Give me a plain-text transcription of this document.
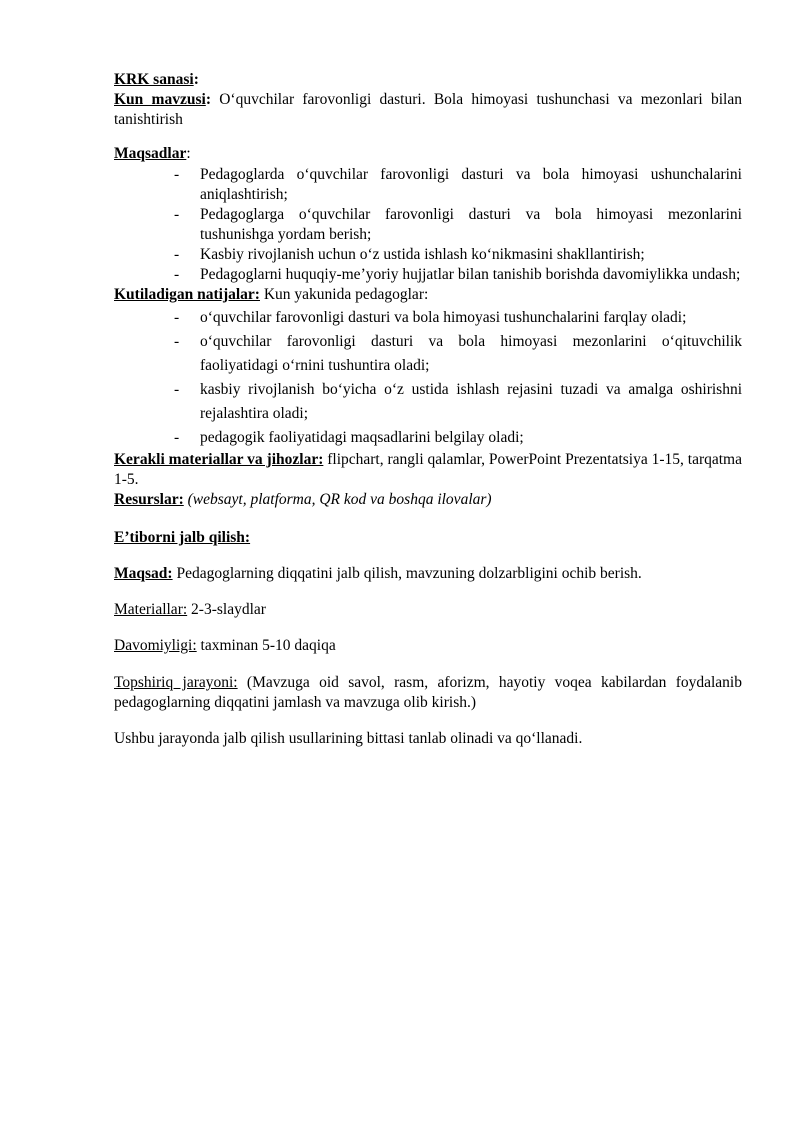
KRK sanasi:

Kun mavzusi: O‘quvchilar farovonligi dasturi. Bola himoyasi tushunchasi va mezonlari bilan tanishtirish

Maqsadlar:

- Pedagoglarda o‘quvchilar farovonligi dasturi va bola himoyasi ushunchalarini aniqlashtirish;
- Pedagoglarga o‘quvchilar farovonligi dasturi va bola himoyasi mezonlarini tushunishga yordam berish;
- Kasbiy rivojlanish uchun o‘z ustida ishlash ko‘nikmasini shakllantirish;
- Pedagoglarni huquqiy-me’yoriy hujjatlar bilan tanishib borishda davomiylikka undash;

Kutiladigan natijalar: Kun yakunida pedagoglar:

- o‘quvchilar farovonligi dasturi va bola himoyasi tushunchalarini farqlay oladi;
- o‘quvchilar farovonligi dasturi va bola himoyasi mezonlarini o‘qituvchilik faoliyatidagi o‘rnini tushuntira oladi;
- kasbiy rivojlanish bo‘yicha o‘z ustida ishlash rejasini tuzadi va amalga oshirishni rejalashtira oladi;
- pedagogik faoliyatidagi maqsadlarini belgilay oladi;

Kerakli materiallar va jihozlar: flipchart, rangli qalamlar, PowerPoint Prezentatsiya 1-15, tarqatma 1-5.

Resurslar: (websayt, platforma, QR kod va boshqa ilovalar)

E’tiborni jalb qilish:

Maqsad: Pedagoglarning diqqatini jalb qilish, mavzuning dolzarbligini ochib berish.
Materiallar: 2-3-slaydlar
Davomiyligi: taxminan 5-10 daqiqa
Topshiriq jarayoni: (Mavzuga oid savol, rasm, aforizm, hayotiy voqea kabilardan foydalanib pedagoglarning diqqatini jamlash va mavzuga olib kirish.)
Ushbu jarayonda jalb qilish usullarining bittasi tanlab olinadi va qo‘llanadi.
